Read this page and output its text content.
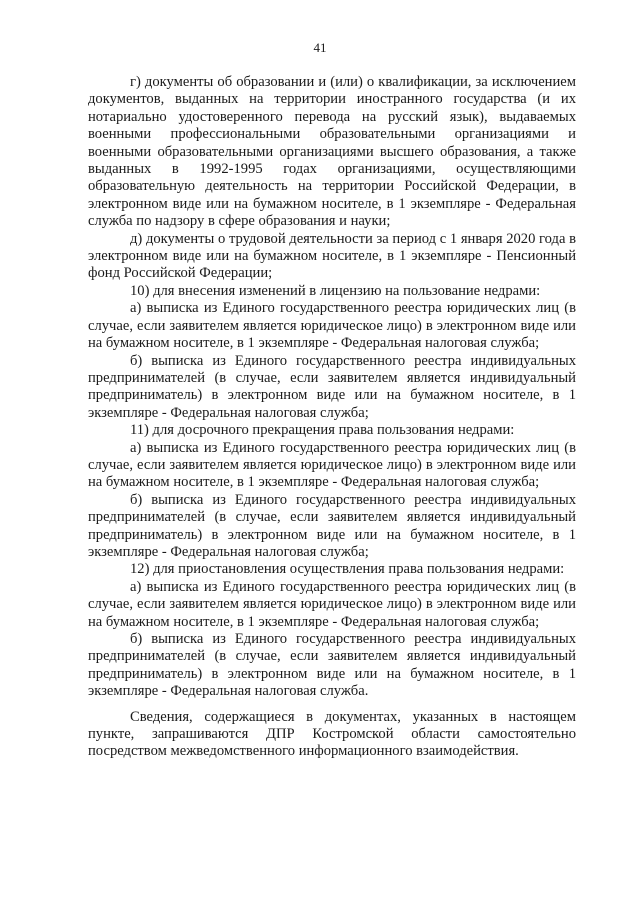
41

г) документы об образовании и (или) о квалификации, за исключением документов, выданных на территории иностранного государства (и их нотариально удостоверенного перевода на русский язык), выдаваемых военными профессиональными образовательными организациями и военными образовательными организациями высшего образования, а также выданных в 1992-1995 годах организациями, осуществляющими образовательную деятельность на территории Российской Федерации, в электронном виде или на бумажном носителе, в 1 экземпляре - Федеральная служба по надзору в сфере образования и науки;

д) документы о трудовой деятельности за период с 1 января 2020 года в электронном виде или на бумажном носителе, в 1 экземпляре - Пенсионный фонд Российской Федерации;

10) для внесения изменений в лицензию на пользование недрами:

а) выписка из Единого государственного реестра юридических лиц (в случае, если заявителем является юридическое лицо) в электронном виде или на бумажном носителе, в 1 экземпляре - Федеральная налоговая служба;

б) выписка из Единого государственного реестра индивидуальных предпринимателей (в случае, если заявителем является индивидуальный предприниматель) в электронном виде или на бумажном носителе, в 1 экземпляре - Федеральная налоговая служба;

11) для досрочного прекращения права пользования недрами:

а) выписка из Единого государственного реестра юридических лиц (в случае, если заявителем является юридическое лицо) в электронном виде или на бумажном носителе, в 1 экземпляре - Федеральная налоговая служба;

б) выписка из Единого государственного реестра индивидуальных предпринимателей (в случае, если заявителем является индивидуальный предприниматель) в электронном виде или на бумажном носителе, в 1 экземпляре - Федеральная налоговая служба;

12) для приостановления осуществления права пользования недрами:

а) выписка из Единого государственного реестра юридических лиц (в случае, если заявителем является юридическое лицо) в электронном виде или на бумажном носителе, в 1 экземпляре - Федеральная налоговая служба;

б) выписка из Единого государственного реестра индивидуальных предпринимателей (в случае, если заявителем является индивидуальный предприниматель) в электронном виде или на бумажном носителе, в 1 экземпляре - Федеральная налоговая служба.

Сведения, содержащиеся в документах, указанных в настоящем пункте, запрашиваются ДПР Костромской области самостоятельно посредством межведомственного информационного взаимодействия.
